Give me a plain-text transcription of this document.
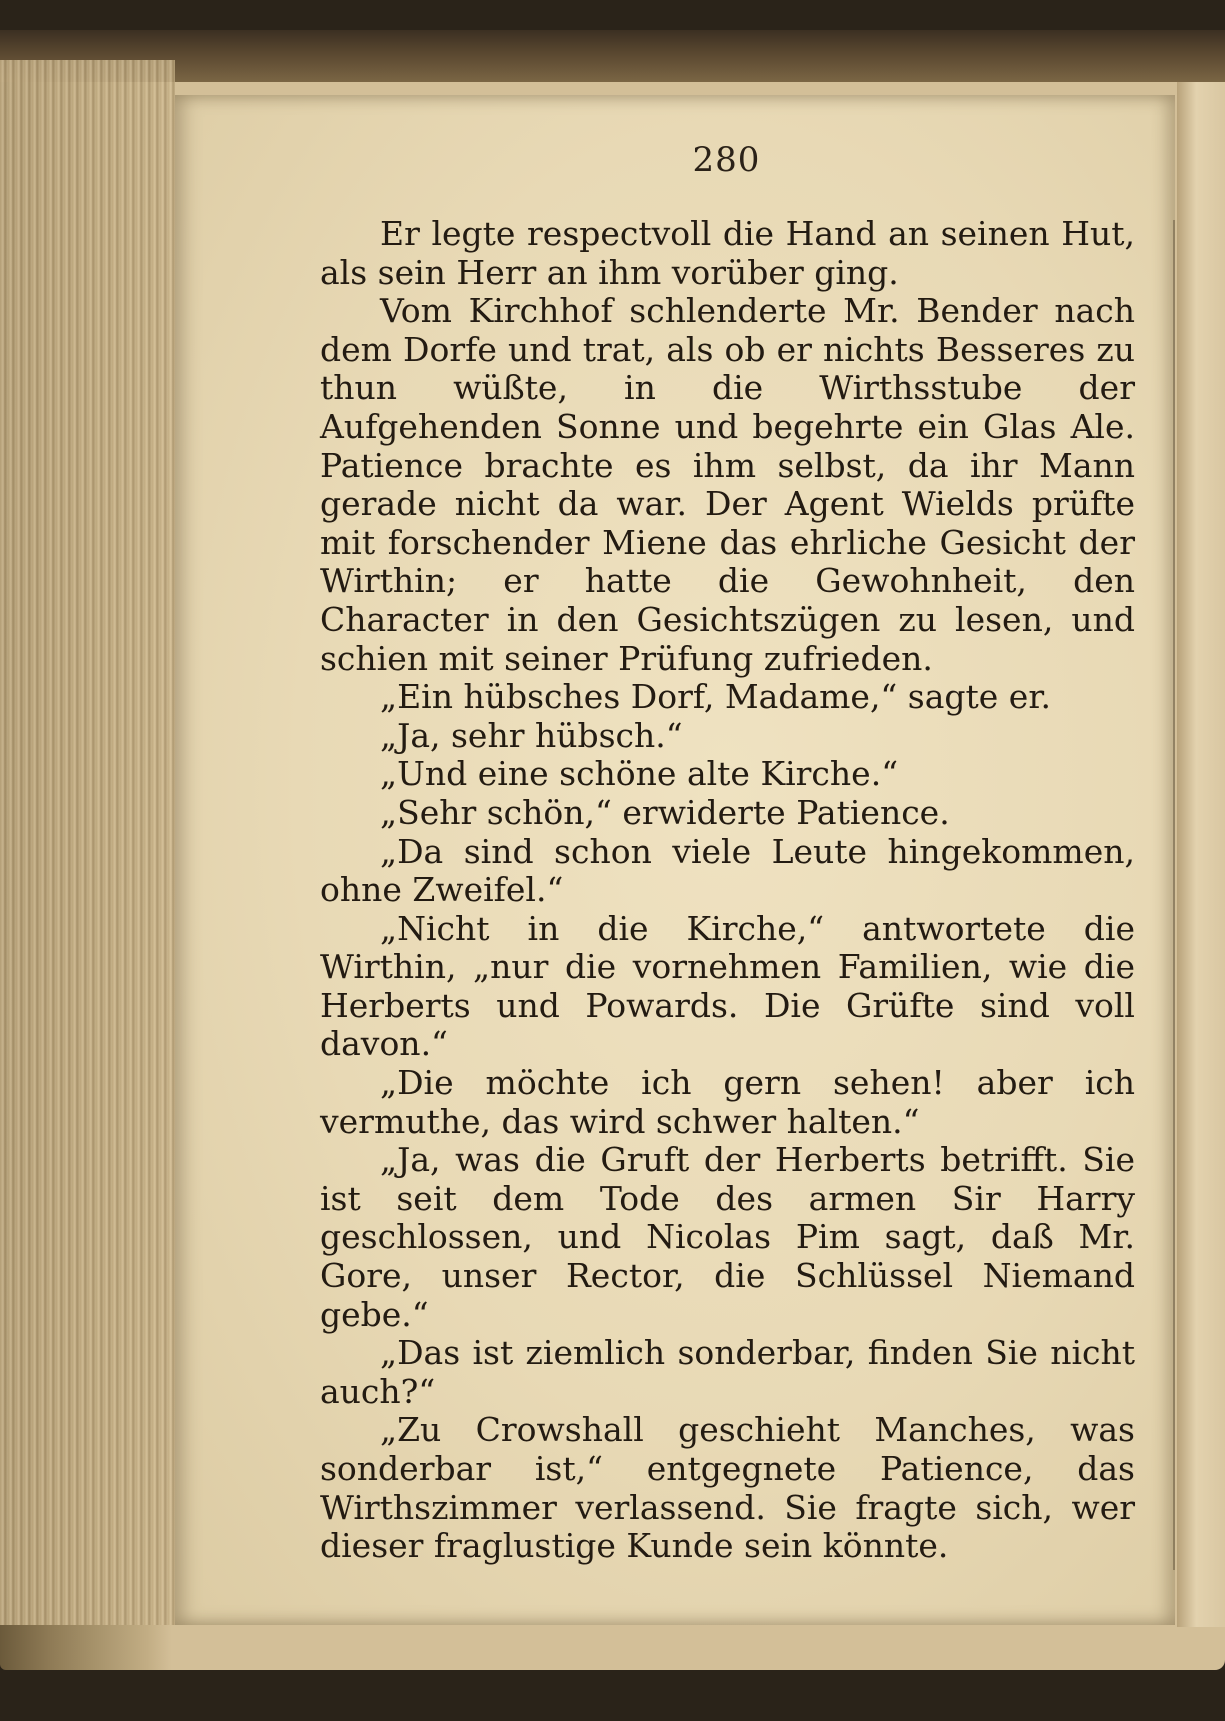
280

Er legte respectvoll die Hand an seinen Hut, als sein Herr an ihm vorüber ging.

Vom Kirchhof schlenderte Mr. Bender nach dem Dorfe und trat, als ob er nichts Besseres zu thun wüßte, in die Wirthsstube der Aufgehenden Sonne und begehrte ein Glas Ale. Patience brachte es ihm selbst, da ihr Mann gerade nicht da war. Der Agent Wields prüfte mit forschender Miene das ehrliche Gesicht der Wirthin; er hatte die Gewohnheit, den Character in den Gesichtszügen zu lesen, und schien mit seiner Prüfung zufrieden.

„Ein hübsches Dorf, Madame,“ sagte er.

„Ja, sehr hübsch.“

„Und eine schöne alte Kirche.“

„Sehr schön,“ erwiderte Patience.

„Da sind schon viele Leute hingekommen, ohne Zweifel.“

„Nicht in die Kirche,“ antwortete die Wirthin, „nur die vornehmen Familien, wie die Herberts und Powards. Die Grüfte sind voll davon.“

„Die möchte ich gern sehen! aber ich vermuthe, das wird schwer halten.“

„Ja, was die Gruft der Herberts betrifft. Sie ist seit dem Tode des armen Sir Harry geschlossen, und Nicolas Pim sagt, daß Mr. Gore, unser Rector, die Schlüssel Niemand gebe.“

„Das ist ziemlich sonderbar, finden Sie nicht auch?“

„Zu Crowshall geschieht Manches, was sonderbar ist,“ entgegnete Patience, das Wirthszimmer verlassend. Sie fragte sich, wer dieser fraglustige Kunde sein könnte.
